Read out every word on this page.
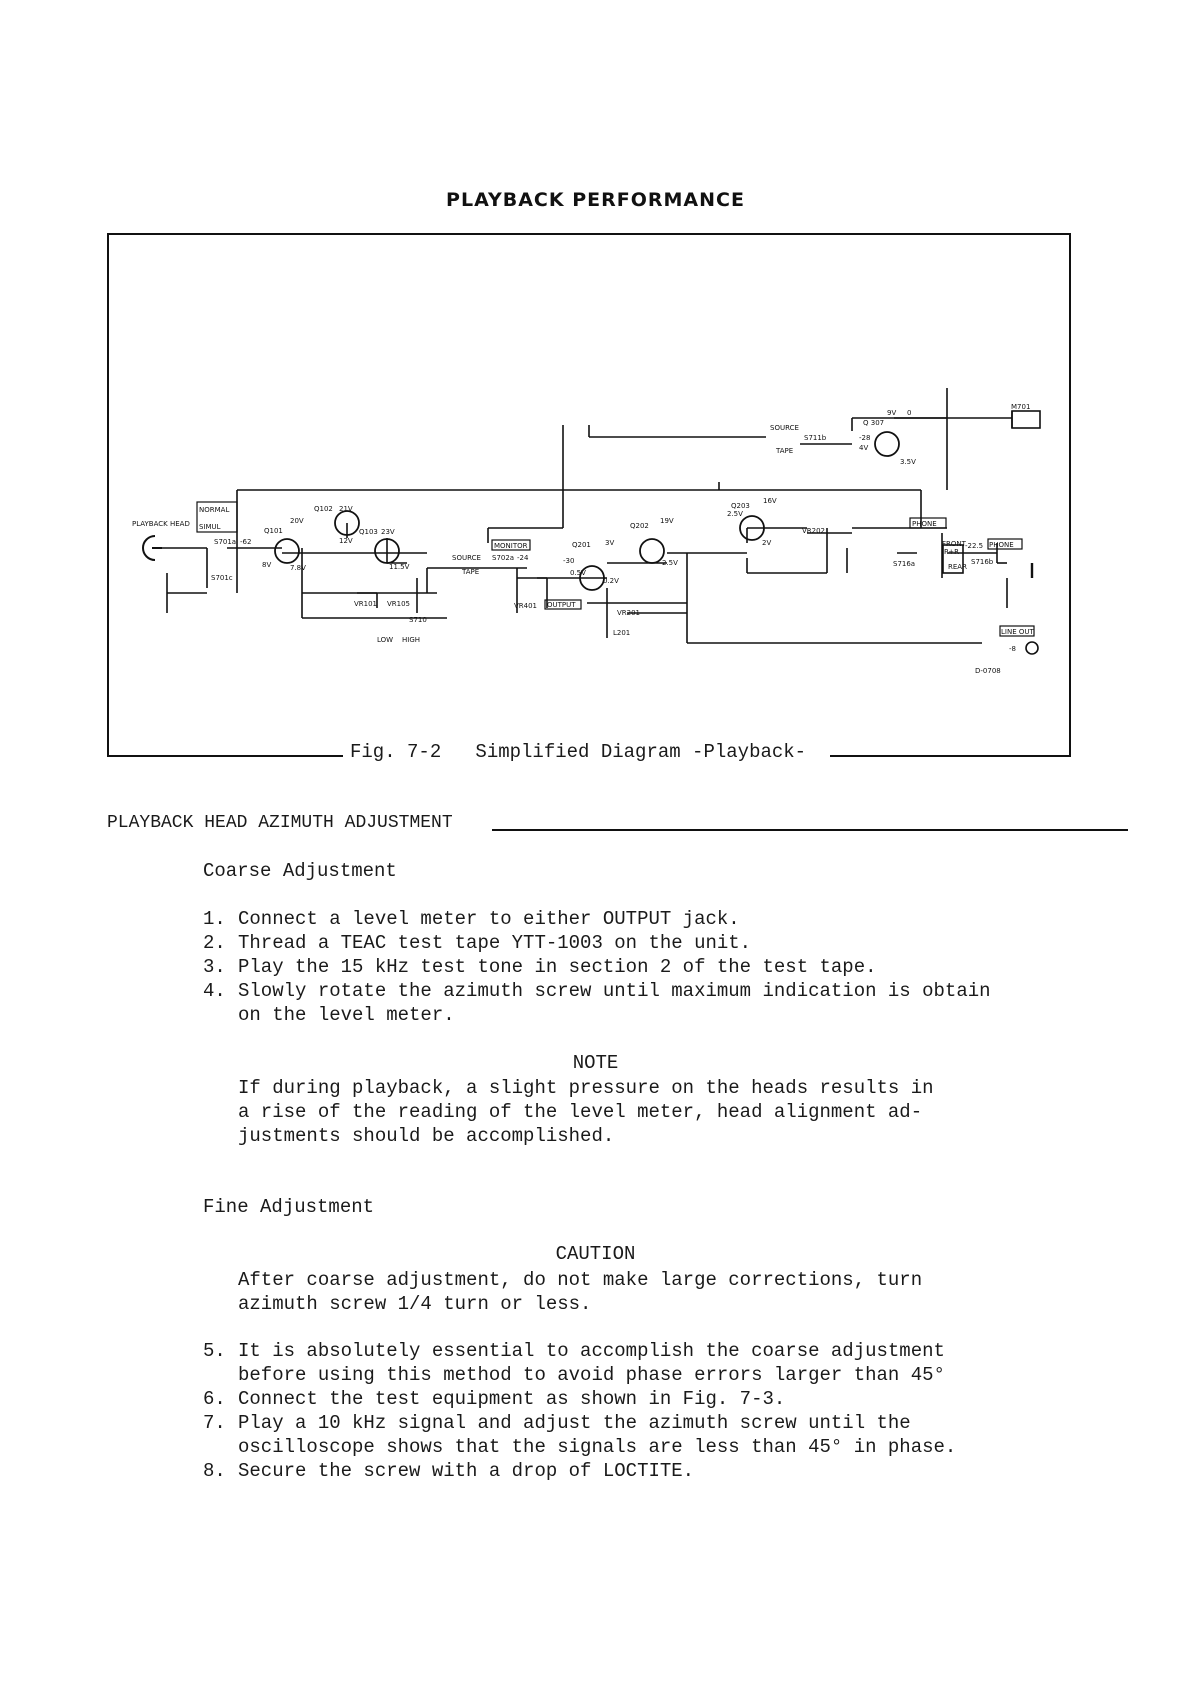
PLAYBACK PERFORMANCE
PLAYBACK HEAD
NORMAL
SIMUL
S701a
S701c
-62
Q101
8V
20V
Q102 21V
12V
Q103 23V
7.8V	11.5V
VR101 VR105
S710
LOW HIGH
MONITOR
SOURCE S702a -24
TAPE
VR401 OUTPUT
Q201 3V
-30
0.5V
0.2V
VR201
L201
Q202
19V
2.5V
Q203
16V
2.5V
2V
VR202
SOURCE
S711b
TAPE
-28
4V
Q 307
9V 0
3.5V
M701
PHONE
FRONT
P+R
REAR
-22.5
S716a	S716b
PHONE
LINE OUT
-8
D-0708
Fig. 7-2   Simplified Diagram -Playback-
PLAYBACK HEAD AZIMUTH ADJUSTMENT
Coarse Adjustment
1. Connect a level meter to either OUTPUT jack.
2. Thread a TEAC test tape YTT-1003 on the unit.
3. Play the 15 kHz test tone in section 2 of the test tape.
4. Slowly rotate the azimuth screw until maximum indication is obtain
on the level meter.
NOTE
If during playback, a slight pressure on the heads results in
a rise of the reading of the level meter, head alignment ad-
justments should be accomplished.
Fine Adjustment
CAUTION
After coarse adjustment, do not make large corrections, turn
azimuth screw 1/4 turn or less.
5. It is absolutely essential to accomplish the coarse adjustment
before using this method to avoid phase errors larger than 45°
6. Connect the test equipment as shown in Fig. 7-3.
7. Play a 10 kHz signal and adjust the azimuth screw until the
oscilloscope shows that the signals are less than 45° in phase.
8. Secure the screw with a drop of LOCTITE.
